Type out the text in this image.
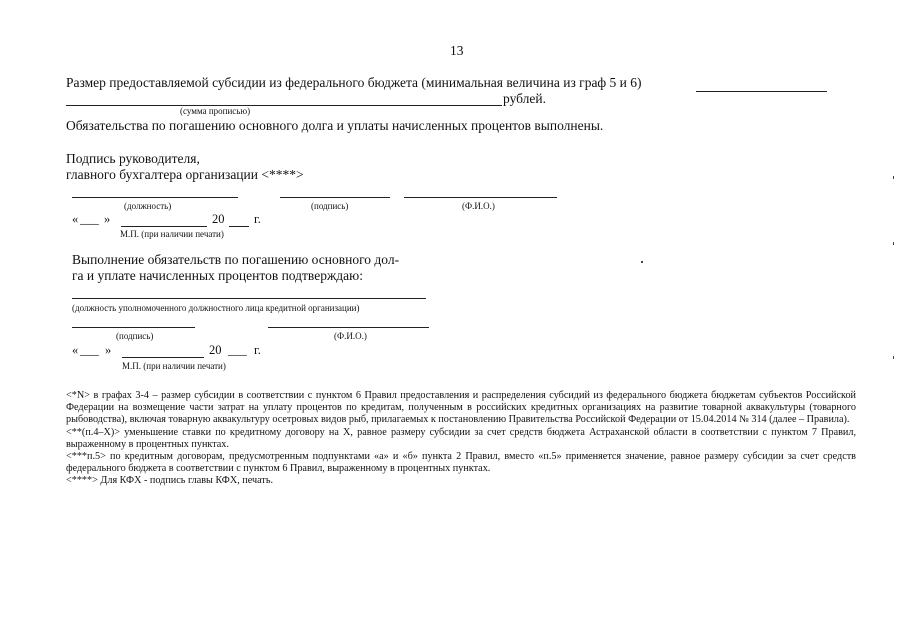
13
Размер предоставляемой субсидии из федерального бюджета (минимальная величина из граф 5 и 6)
рублей.
(сумма прописью)
Обязательства по погашению основного долга и уплаты начисленных процентов выполнены.
Подпись руководителя,
главного бухгалтера организации <****>
(должность)	(подпись)	(Ф.И.О.)
« ___ »	20 г.
М.П. (при наличии печати)
Выполнение обязательств по погашению основного дол-
га и уплате начисленных процентов подтверждаю:
(должность уполномоченного должностного лица кредитной организации)
(подпись)	(Ф.И.О.)
« ___ »	20 ___ г.
М.П. (при наличии печати)

<*N> в графах 3-4 – размер субсидии в соответствии с пунктом 6 Правил предоставления и распределения субсидий из федерального бюджета бюджетам субъектов Российской Федерации на возмещение части затрат на уплату процентов по кредитам, полученным в российских кредитных организациях на развитие товарной аквакультуры (товарного рыбоводства), включая товарную аквакультуру осетровых видов рыб, прилагаемых к постановлению Правительства Российской Федерации от 15.04.2014 № 314 (далее – Правила).

<**(п.4–X)> уменьшение ставки по кредитному договору на X, равное размеру субсидии за счет средств бюджета Астраханской области в соответствии с пунктом 7 Правил, выраженному в процентных пунктах.

<***п.5> по кредитным договорам, предусмотренным подпунктами «а» и «б» пункта 2 Правил, вместо «п.5» применяется значение, равное размеру субсидии за счет средств федерального бюджета в соответствии с пунктом 6 Правил, выраженному в процентных пунктах.

<****> Для КФХ - подпись главы КФХ, печать.
